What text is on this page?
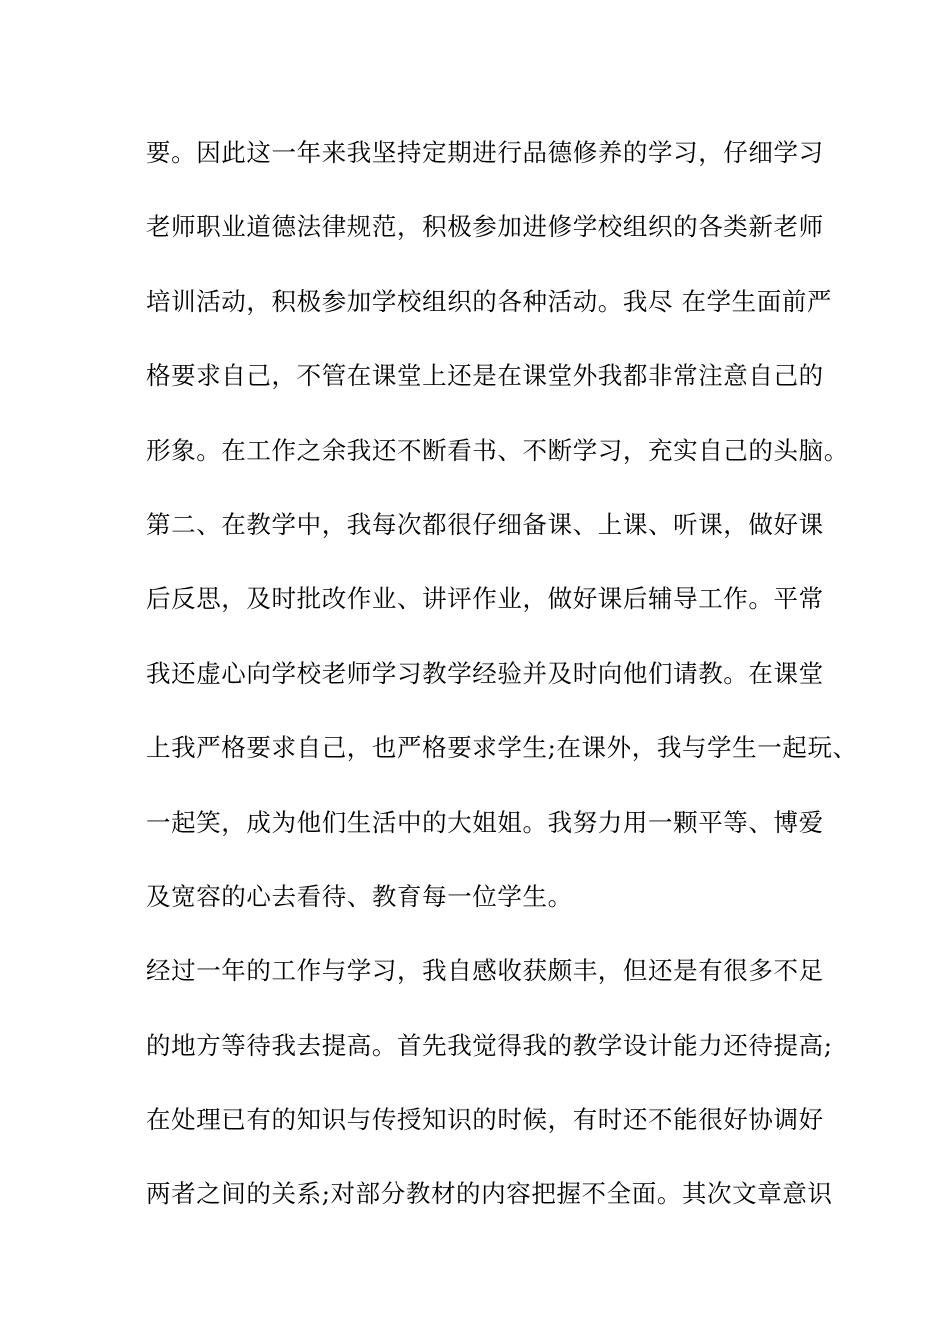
要。因此这一年来我坚持定期进行品德修养的学习，仔细学习
老师职业道德法律规范，积极参加进修学校组织的各类新老师
培训活动，积极参加学校组织的各种活动。我尽 在学生面前严
格要求自己，不管在课堂上还是在课堂外我都非常注意自己的
形象。在工作之余我还不断看书、不断学习，充实自己的头脑。
第二、在教学中，我每次都很仔细备课、上课、听课，做好课
后反思，及时批改作业、讲评作业，做好课后辅导工作。平常
我还虚心向学校老师学习教学经验并及时向他们请教。在课堂
上我严格要求自己，也严格要求学生;在课外，我与学生一起玩、
一起笑，成为他们生活中的大姐姐。我努力用一颗平等、博爱
及宽容的心去看待、教育每一位学生。
经过一年的工作与学习，我自感收获颇丰，但还是有很多不足
的地方等待我去提高。首先我觉得我的教学设计能力还待提高;
在处理已有的知识与传授知识的时候，有时还不能很好协调好
两者之间的关系;对部分教材的内容把握不全面。其次文章意识
